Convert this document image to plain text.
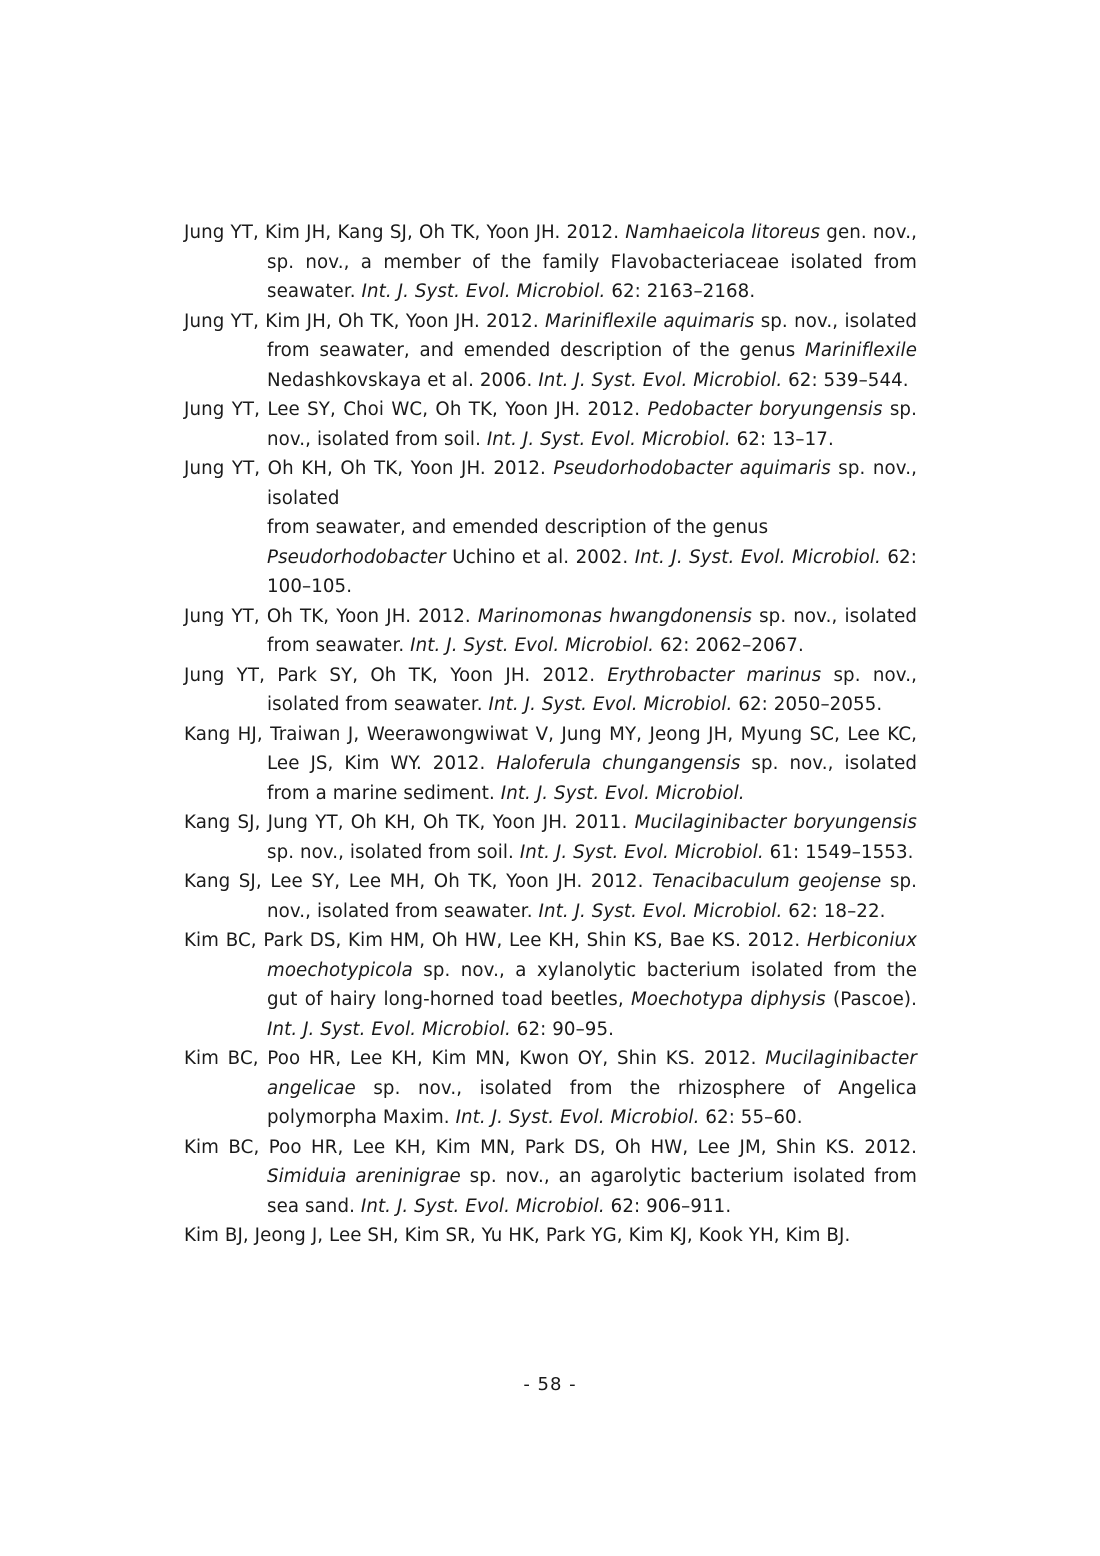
Jung YT, Kim JH, Kang SJ, Oh TK, Yoon JH. 2012. Namhaeicola litoreus gen. nov., sp. nov., a member of the family Flavobacteriaceae isolated from seawater. Int. J. Syst. Evol. Microbiol. 62: 2163–2168.

Jung YT, Kim JH, Oh TK, Yoon JH. 2012. Mariniflexile aquimaris sp. nov., isolated from seawater, and emended description of the genus Mariniflexile Nedashkovskaya et al. 2006. Int. J. Syst. Evol. Microbiol. 62: 539–544.

Jung YT, Lee SY, Choi WC, Oh TK, Yoon JH. 2012. Pedobacter boryungensis sp. nov., isolated from soil. Int. J. Syst. Evol. Microbiol. 62: 13–17.

Jung YT, Oh KH, Oh TK, Yoon JH. 2012. Pseudorhodobacter aquimaris sp. nov., isolated
from seawater, and emended description of the genus
Pseudorhodobacter Uchino et al. 2002. Int. J. Syst. Evol. Microbiol. 62: 100–105.

Jung YT, Oh TK, Yoon JH. 2012. Marinomonas hwangdonensis sp. nov., isolated from seawater. Int. J. Syst. Evol. Microbiol. 62: 2062–2067.

Jung YT, Park SY, Oh TK, Yoon JH. 2012. Erythrobacter marinus sp. nov., isolated from seawater. Int. J. Syst. Evol. Microbiol. 62: 2050–2055.

Kang HJ, Traiwan J, Weerawongwiwat V, Jung MY, Jeong JH, Myung SC, Lee KC, Lee JS, Kim WY. 2012. Haloferula chungangensis sp. nov., isolated from a marine sediment. Int. J. Syst. Evol. Microbiol.

Kang SJ, Jung YT, Oh KH, Oh TK, Yoon JH. 2011. Mucilaginibacter boryungensis sp. nov., isolated from soil. Int. J. Syst. Evol. Microbiol. 61: 1549–1553.

Kang SJ, Lee SY, Lee MH, Oh TK, Yoon JH. 2012. Tenacibaculum geojense sp. nov., isolated from seawater. Int. J. Syst. Evol. Microbiol. 62: 18–22.

Kim BC, Park DS, Kim HM, Oh HW, Lee KH, Shin KS, Bae KS. 2012. Herbiconiux moechotypicola sp. nov., a xylanolytic bacterium isolated from the gut of hairy long-horned toad beetles, Moechotypa diphysis (Pascoe). Int. J. Syst. Evol. Microbiol. 62: 90–95.

Kim BC, Poo HR, Lee KH, Kim MN, Kwon OY, Shin KS. 2012. Mucilaginibacter angelicae sp. nov., isolated from the rhizosphere of Angelica polymorpha Maxim. Int. J. Syst. Evol. Microbiol. 62: 55–60.

Kim BC, Poo HR, Lee KH, Kim MN, Park DS, Oh HW, Lee JM, Shin KS. 2012. Simiduia areninigrae sp. nov., an agarolytic bacterium isolated from sea sand. Int. J. Syst. Evol. Microbiol. 62: 906–911.

Kim BJ, Jeong J, Lee SH, Kim SR, Yu HK, Park YG, Kim KJ, Kook YH, Kim BJ.

- 58 -
